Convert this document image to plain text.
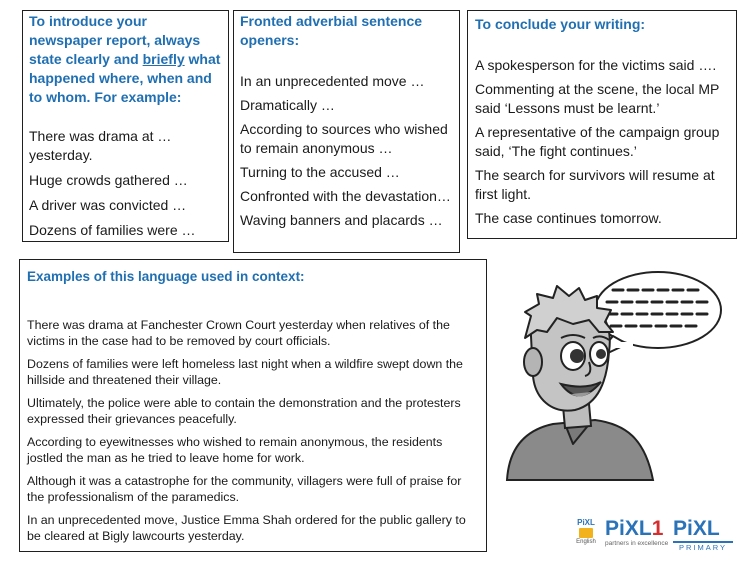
To introduce your newspaper report, always state clearly and briefly what happened where, when and to whom. For example:
There was drama at … yesterday.
Huge crowds gathered …
A driver was convicted …
Dozens of families were …
Fronted adverbial sentence openers:
In an unprecedented move …
Dramatically …
According to sources who wished to remain anonymous …
Turning to the accused …
Confronted with the devastation…
Waving banners and placards …
To conclude your writing:
A spokesperson for the victims said ….
Commenting at the scene, the local MP said ‘Lessons must be learnt.’
A representative of the campaign group said, ‘The fight continues.’
The search for survivors will resume at first light.
The case continues tomorrow.
Examples of this language used in context:
There was drama at Fanchester Crown Court yesterday when relatives of the victims in the case had to be removed by court officials.
Dozens of families were left homeless last night when a wildfire swept down the hillside and threatened their village.
Ultimately, the police were able to contain the demonstration and the protesters expressed their grievances peacefully.
According to eyewitnesses who wished to remain anonymous, the residents jostled the man as he tried to leave home for work.
Although it was a catastrophe for the community, villagers were full of praise for the professionalism of the paramedics.
In an unprecedented move, Justice Emma Shah ordered for the public gallery to be cleared at Bigly lawcourts yesterday.
PiXL
English
PiXL1
partners in excellence
PiXL
PRIMARY
